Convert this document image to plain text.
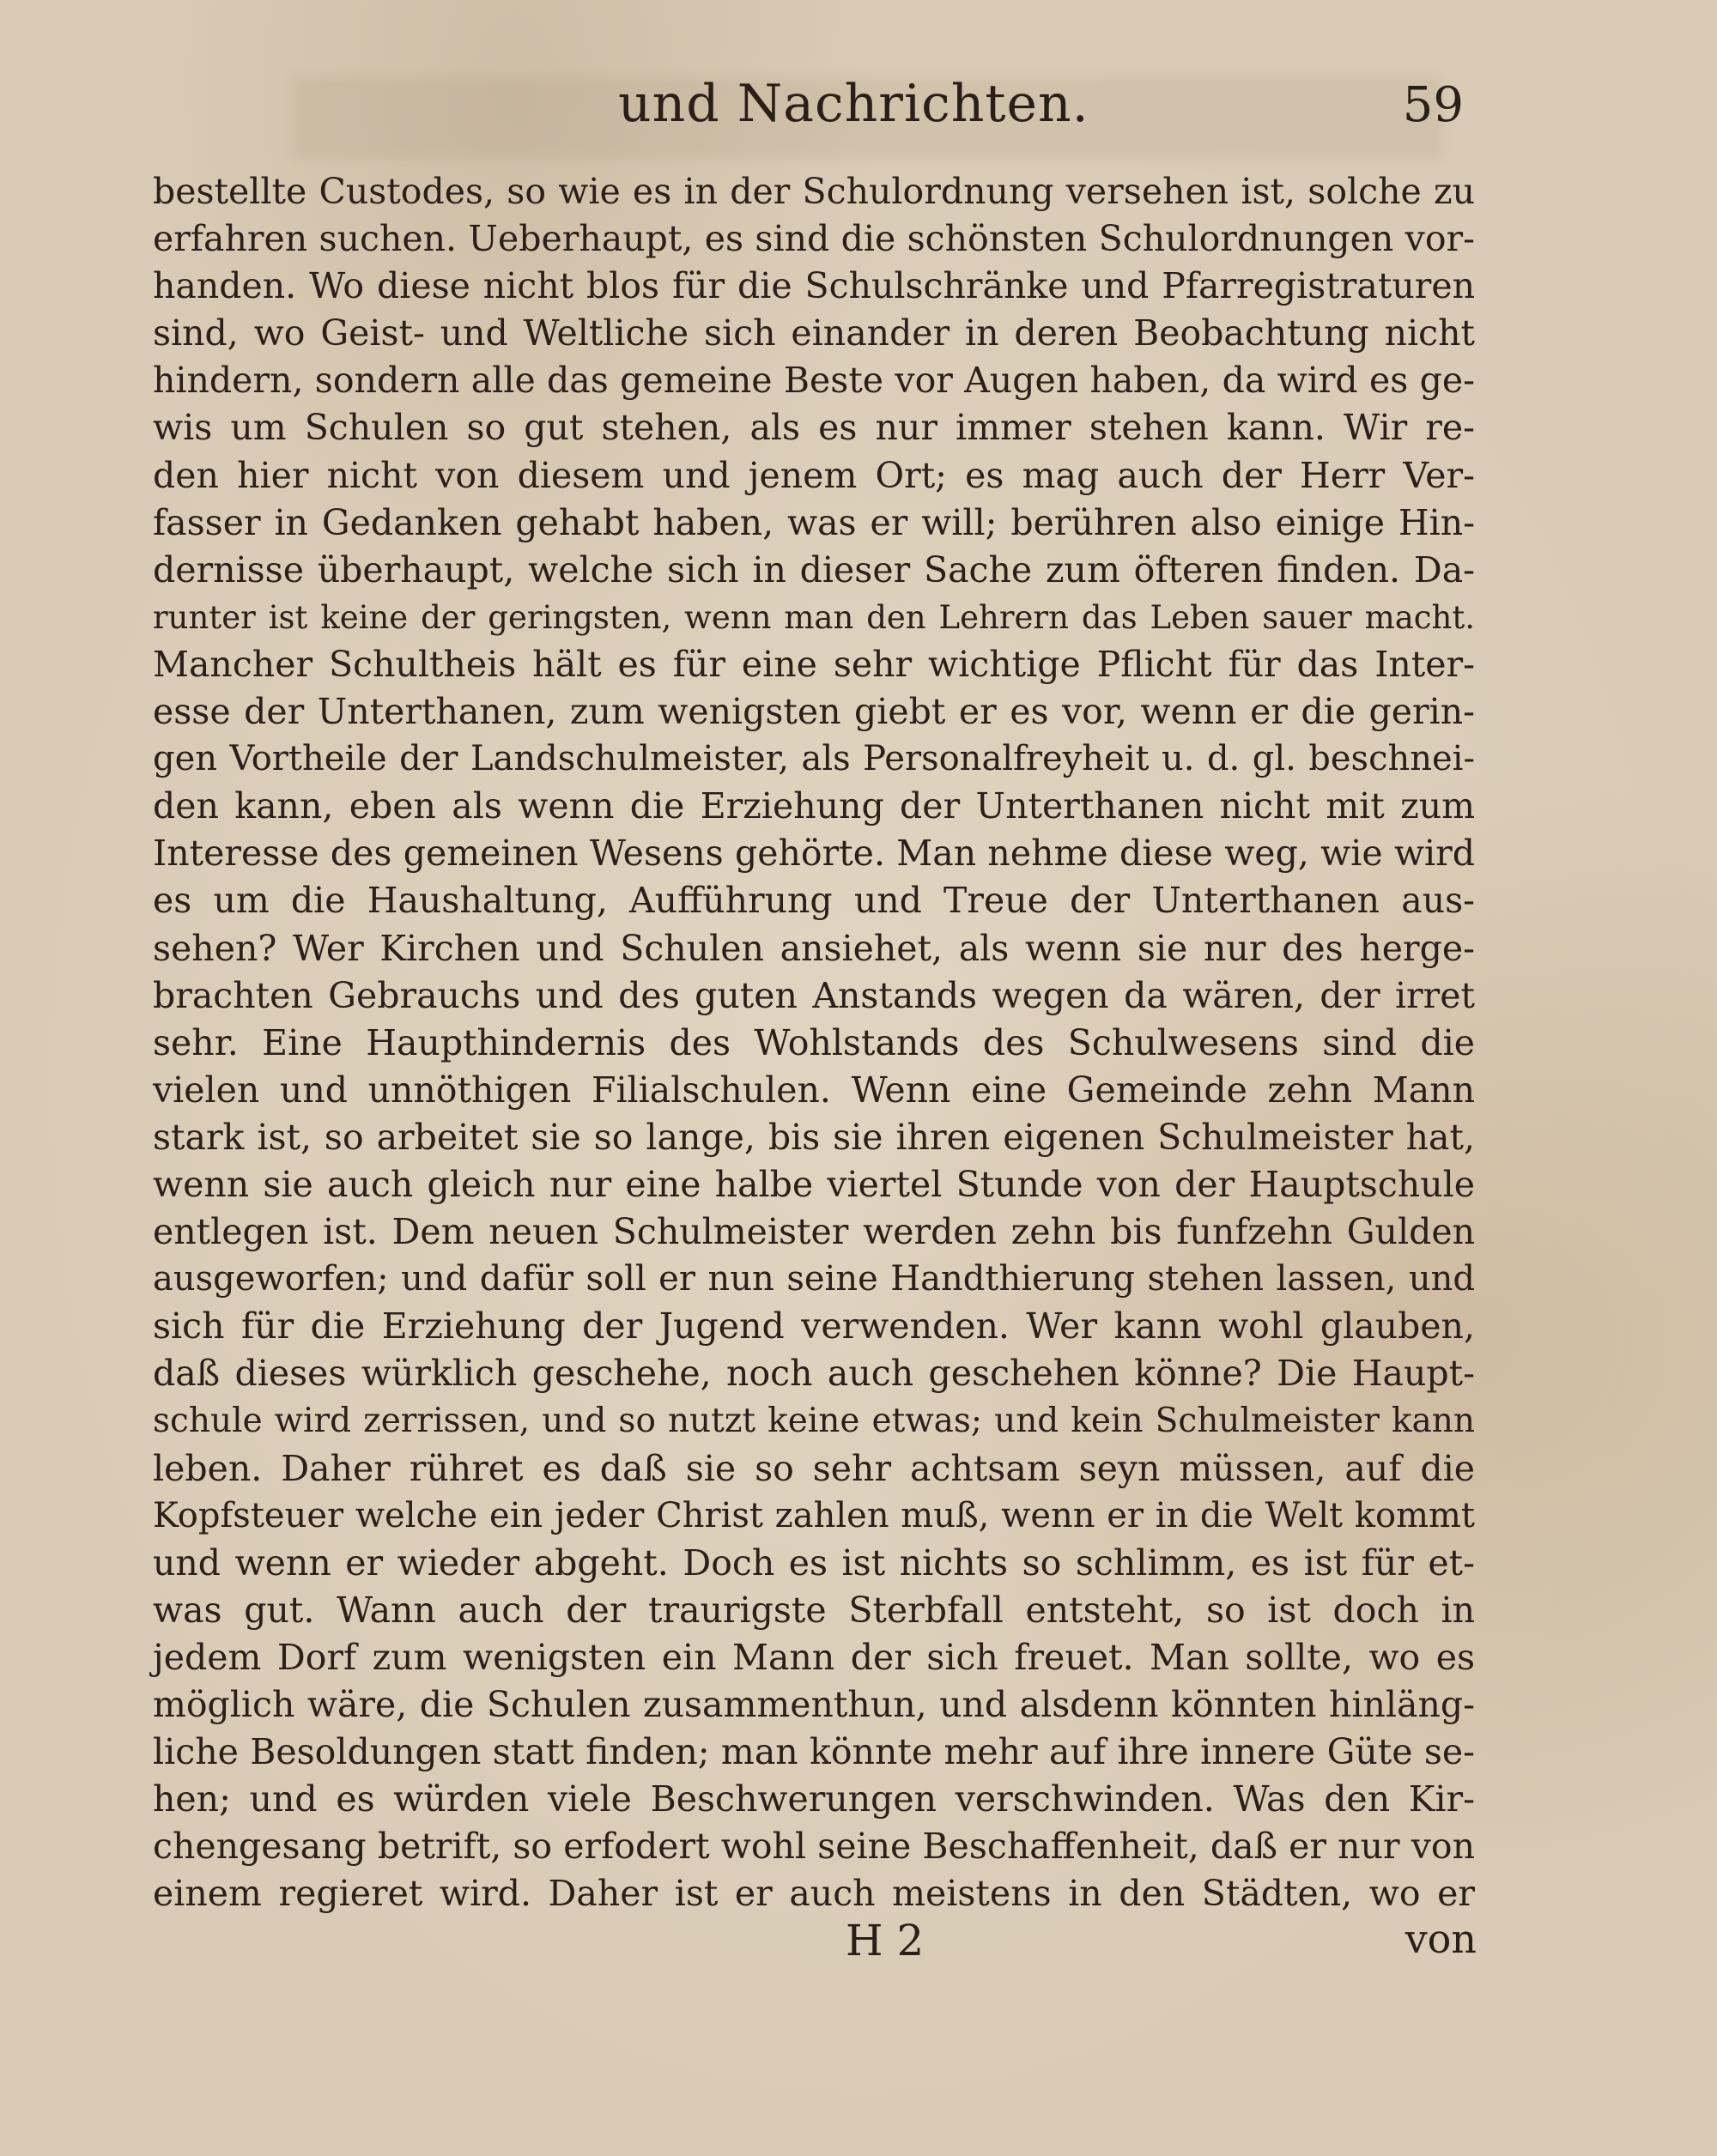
und Nachrichten.	59
bestellte Custodes, so wie es in der Schulordnung versehen ist, solche zu
erfahren suchen. Ueberhaupt, es sind die schönsten Schulordnungen vor-
handen. Wo diese nicht blos für die Schulschränke und Pfarregistraturen
sind, wo Geist- und Weltliche sich einander in deren Beobachtung nicht
hindern, sondern alle das gemeine Beste vor Augen haben, da wird es ge-
wis um Schulen so gut stehen, als es nur immer stehen kann. Wir re-
den hier nicht von diesem und jenem Ort; es mag auch der Herr Ver-
fasser in Gedanken gehabt haben, was er will; berühren also einige Hin-
dernisse überhaupt, welche sich in dieser Sache zum öfteren finden. Da-
runter ist keine der geringsten, wenn man den Lehrern das Leben sauer macht.
Mancher Schultheis hält es für eine sehr wichtige Pflicht für das Inter-
esse der Unterthanen, zum wenigsten giebt er es vor, wenn er die gerin-
gen Vortheile der Landschulmeister, als Personalfreyheit u. d. gl. beschnei-
den kann, eben als wenn die Erziehung der Unterthanen nicht mit zum
Interesse des gemeinen Wesens gehörte. Man nehme diese weg, wie wird
es um die Haushaltung, Aufführung und Treue der Unterthanen aus-
sehen? Wer Kirchen und Schulen ansiehet, als wenn sie nur des herge-
brachten Gebrauchs und des guten Anstands wegen da wären, der irret
sehr. Eine Haupthindernis des Wohlstands des Schulwesens sind die
vielen und unnöthigen Filialschulen. Wenn eine Gemeinde zehn Mann
stark ist, so arbeitet sie so lange, bis sie ihren eigenen Schulmeister hat,
wenn sie auch gleich nur eine halbe viertel Stunde von der Hauptschule
entlegen ist. Dem neuen Schulmeister werden zehn bis funfzehn Gulden
ausgeworfen; und dafür soll er nun seine Handthierung stehen lassen, und
sich für die Erziehung der Jugend verwenden. Wer kann wohl glauben,
daß dieses würklich geschehe, noch auch geschehen könne? Die Haupt-
schule wird zerrissen, und so nutzt keine etwas; und kein Schulmeister kann
leben. Daher rühret es daß sie so sehr achtsam seyn müssen, auf die
Kopfsteuer welche ein jeder Christ zahlen muß, wenn er in die Welt kommt
und wenn er wieder abgeht. Doch es ist nichts so schlimm, es ist für et-
was gut. Wann auch der traurigste Sterbfall entsteht, so ist doch in
jedem Dorf zum wenigsten ein Mann der sich freuet. Man sollte, wo es
möglich wäre, die Schulen zusammenthun, und alsdenn könnten hinläng-
liche Besoldungen statt finden; man könnte mehr auf ihre innere Güte se-
hen; und es würden viele Beschwerungen verschwinden. Was den Kir-
chengesang betrift, so erfodert wohl seine Beschaffenheit, daß er nur von
einem regieret wird. Daher ist er auch meistens in den Städten, wo er
H 2	von
